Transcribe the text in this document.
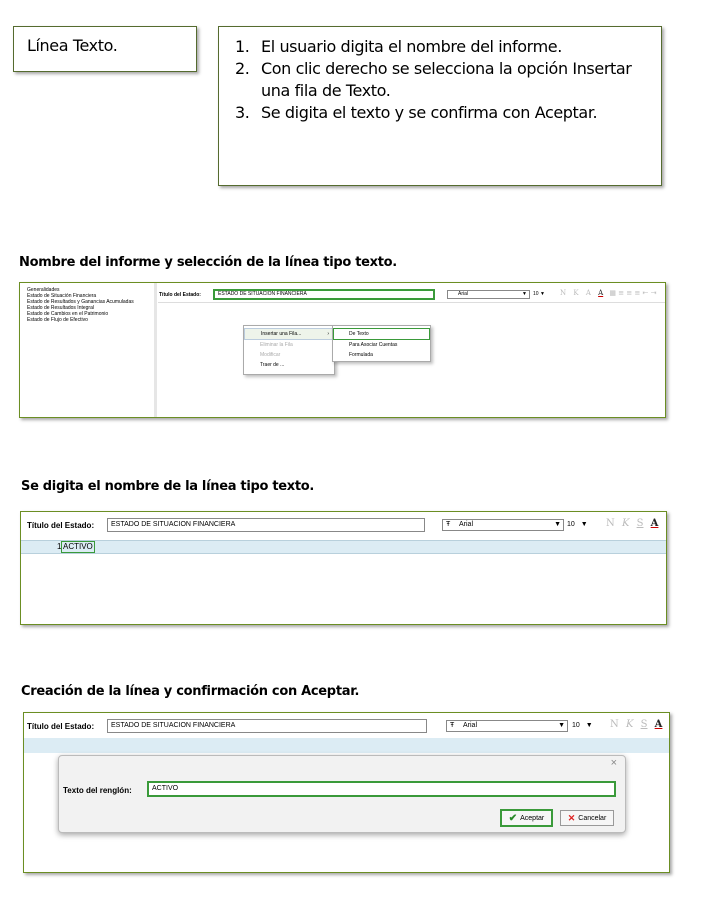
Línea Texto.	1. El usuario digita el nombre del informe.
2. Con clic derecho se selecciona la opción Insertar una fila de Texto.
3. Se digita el texto y se confirma con Aceptar.
Nombre del informe y selección de la línea tipo texto.
Generalidades
Estado de Situación Financiera
Estado de Resultados y Ganancias Acumuladas
Estado de Resultados Integral
Estado de Cambios en el Patrimonio
Estado de Flujo de Efectivo
Título del Estado:	ESTADO DE SITUACION FINANCIERA	Arial	▼ 10 ▼ N K A A ▦ ≡ ≡ ≡ ⇤ ⇥
Insertar una Fila...	›
Eliminar la Fila
Modificar
Traer de ...
De Texto
Para Asociar Cuentas
Formulada
Se digita el nombre de la línea tipo texto.
Título del Estado:	ESTADO DE SITUACION FINANCIERA	Ŧ Arial	▼ 10 ▼ N K S A
1 ACTIVO
Creación de la línea y confirmación con Aceptar.
Título del Estado:	ESTADO DE SITUACION FINANCIERA	Ŧ Arial	▼ 10 ▼ N K S A
×
Texto del renglón:	ACTIVO
✔ Aceptar	✕ Cancelar
